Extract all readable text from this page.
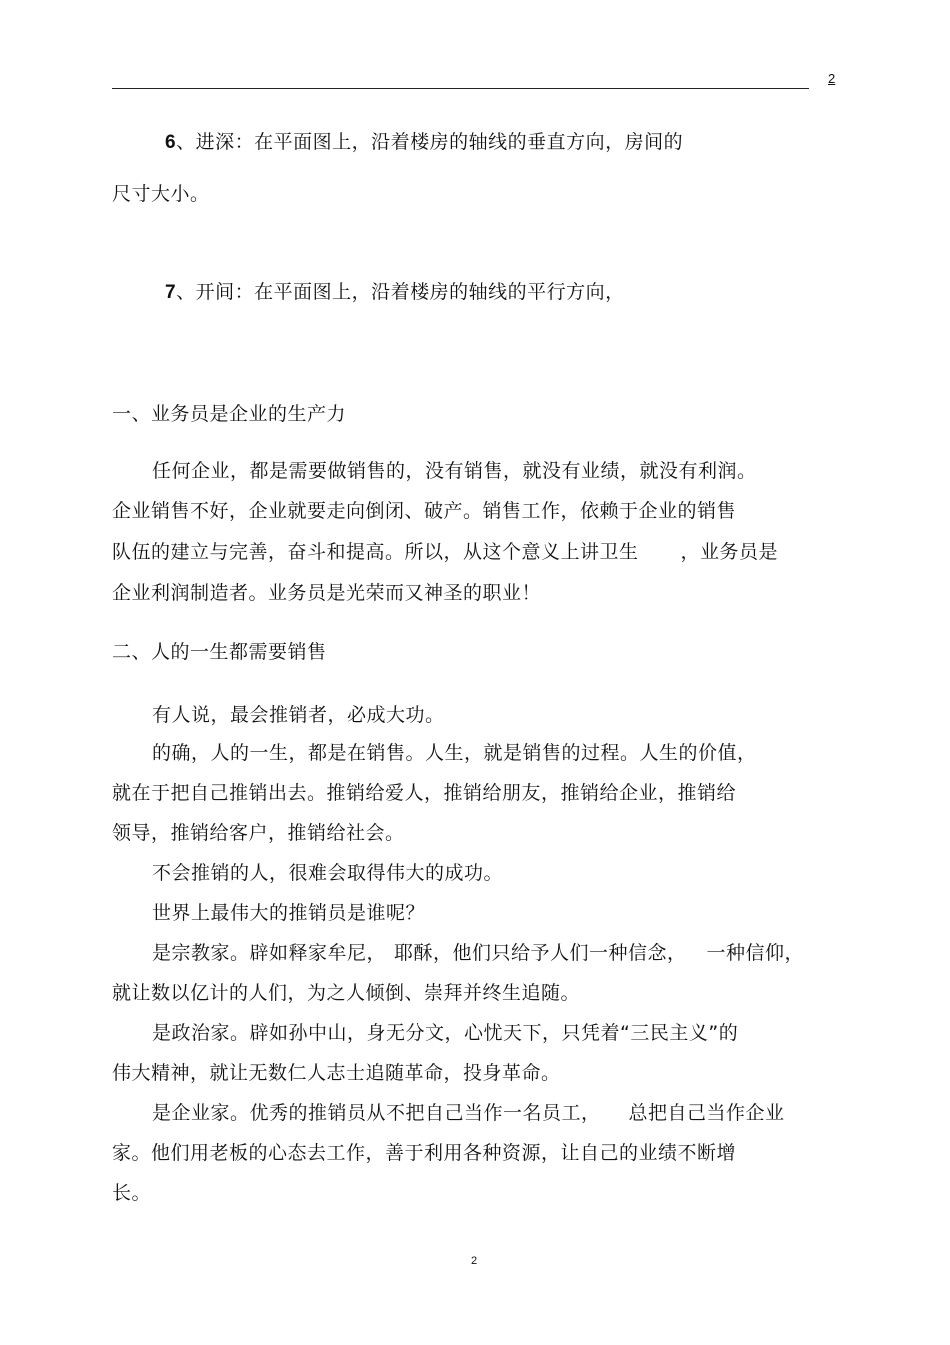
2
6、进深：在平面图上，沿着楼房的轴线的垂直方向，房间的
尺寸大小。
7、开间：在平面图上，沿着楼房的轴线的平行方向，
一、业务员是企业的生产力
任何企业，都是需要做销售的，没有销售，就没有业绩，就没有利润。
企业销售不好，企业就要走向倒闭、破产。销售工作，依赖于企业的销售
队伍的建立与完善，奋斗和提高。所以，从这个意义上讲卫生 ，业务员是
企业利润制造者。业务员是光荣而又神圣的职业！
二、人的一生都需要销售
有人说，最会推销者，必成大功。
的确，人的一生，都是在销售。人生，就是销售的过程。人生的价值，
就在于把自己推销出去。推销给爱人，推销给朋友，推销给企业，推销给
领导，推销给客户，推销给社会。
不会推销的人，很难会取得伟大的成功。
世界上最伟大的推销员是谁呢？
是宗教家。辟如释家牟尼， 耶酥，他们只给予人们一种信念， 一种信仰，
就让数以亿计的人们，为之人倾倒、崇拜并终生追随。
是政治家。辟如孙中山，身无分文，心忧天下，只凭着“三民主义”的
伟大精神，就让无数仁人志士追随革命，投身革命。
是企业家。优秀的推销员从不把自己当作一名员工， 总把自己当作企业
家。他们用老板的心态去工作，善于利用各种资源，让自己的业绩不断增
长。
2
